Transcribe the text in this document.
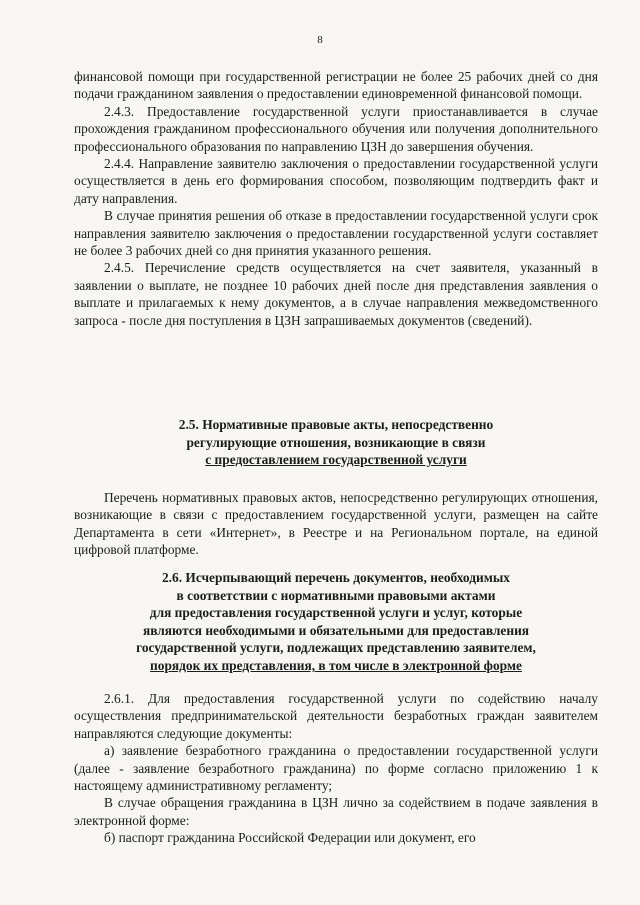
8

финансовой помощи при государственной регистрации не более 25 рабочих дней со дня подачи гражданином заявления о предоставлении единовременной финансовой помощи.

2.4.3. Предоставление государственной услуги приостанавливается в случае прохождения гражданином профессионального обучения или получения дополнительного профессионального образования по направлению ЦЗН до завершения обучения.

2.4.4. Направление заявителю заключения о предоставлении государственной услуги осуществляется в день его формирования способом, позволяющим подтвердить факт и дату направления.

В случае принятия решения об отказе в предоставлении государственной услуги срок направления заявителю заключения о предоставлении государственной услуги составляет не более 3 рабочих дней со дня принятия указанного решения.

2.4.5. Перечисление средств осуществляется на счет заявителя, указанный в заявлении о выплате, не позднее 10 рабочих дней после дня представления заявления о выплате и прилагаемых к нему документов, а в случае направления межведомственного запроса - после дня поступления в ЦЗН запрашиваемых документов (сведений).

2.5. Нормативные правовые акты, непосредственно

регулирующие отношения, возникающие в связи

с предоставлением государственной услуги

Перечень нормативных правовых актов, непосредственно регулирующих отношения, возникающие в связи с предоставлением государственной услуги, размещен на сайте Департамента в сети «Интернет», в Реестре и на Региональном портале, на единой цифровой платформе.

2.6. Исчерпывающий перечень документов, необходимых

в соответствии с нормативными правовыми актами

для предоставления государственной услуги и услуг, которые

являются необходимыми и обязательными для предоставления

государственной услуги, подлежащих представлению заявителем,

порядок их представления, в том числе в электронной форме

2.6.1. Для предоставления государственной услуги по содействию началу осуществления предпринимательской деятельности безработных граждан заявителем направляются следующие документы:

а) заявление безработного гражданина о предоставлении государственной услуги (далее - заявление безработного гражданина) по форме согласно приложению 1 к настоящему административному регламенту;

В случае обращения гражданина в ЦЗН лично за содействием в подаче заявления в электронной форме:

б) паспорт гражданина Российской Федерации или документ, его
